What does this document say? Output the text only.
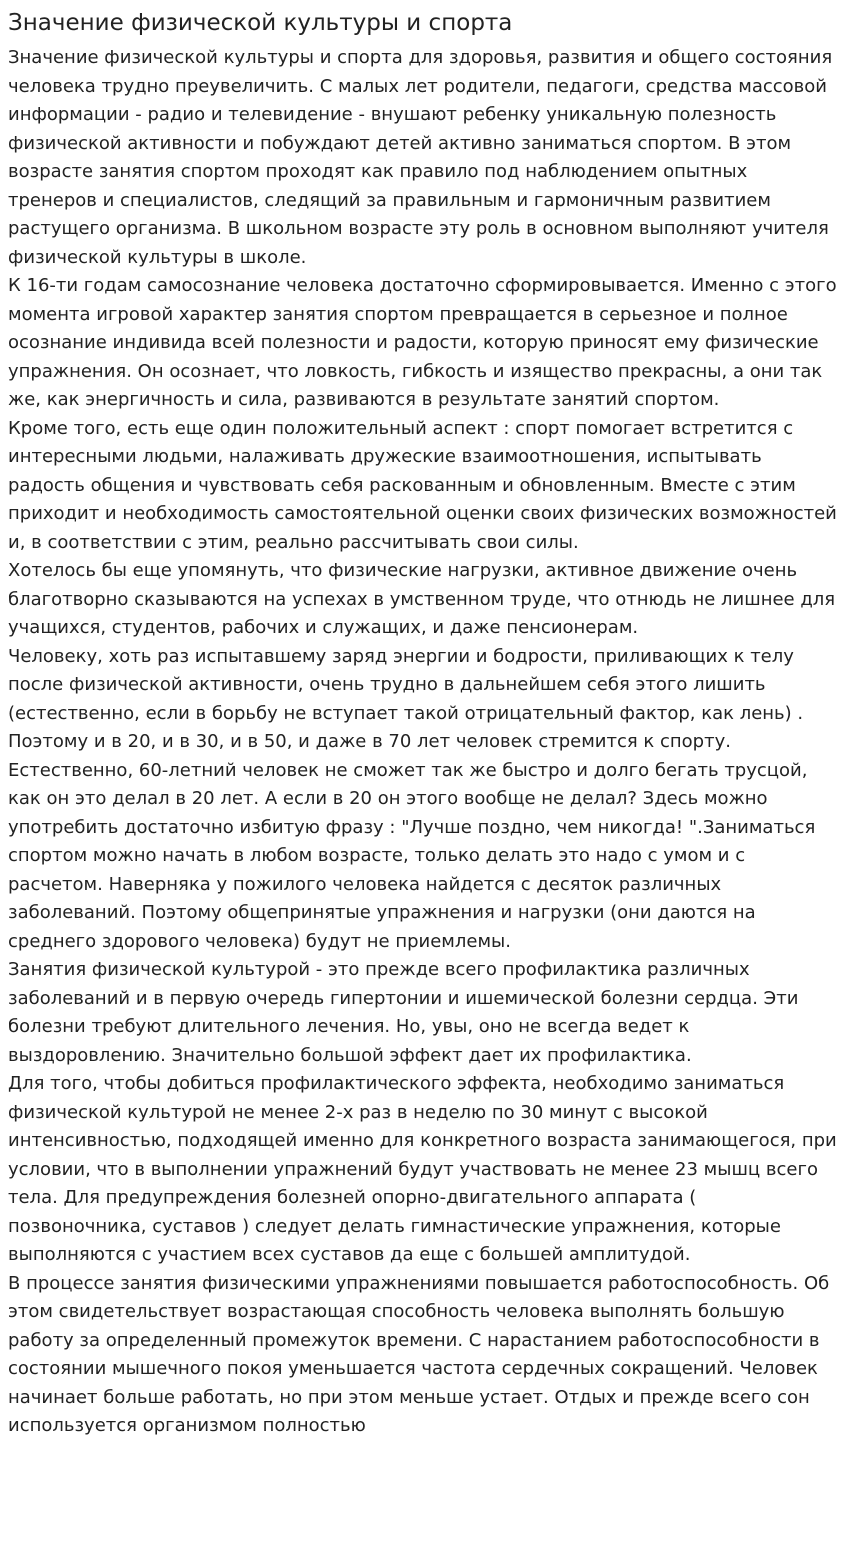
Значение физической культуры и спорта

Значение физической культуры и спорта для здоровья, развития и общего состояния человека трудно преувеличить. С малых лет родители, педагоги, средства массовой информации - радио и телевидение - внушают ребенку уникальную полезность физической активности и побуждают детей активно заниматься спортом. В этом возрасте занятия спортом проходят как правило под наблюдением опытных тренеров и специалистов, следящий за правильным и гармоничным развитием растущего организма. В школьном возрасте эту роль в основном выполняют учителя физической культуры в школе.

К 16-ти годам самосознание человека достаточно сформировывается. Именно с этого момента игровой характер занятия спортом превращается в серьезное и полное осознание индивида всей полезности и радости, которую приносят ему физические упражнения. Он осознает, что ловкость, гибкость и изящество прекрасны, а они так же, как энергичность и сила, развиваются в результате занятий спортом.

Кроме того, есть еще один положительный аспект : спорт помогает встретится с интересными людьми, налаживать дружеские взаимоотношения, испытывать радость общения и чувствовать себя раскованным и обновленным. Вместе с этим приходит и необходимость самостоятельной оценки своих физических возможностей и, в соответствии с этим, реально рассчитывать свои силы.

Хотелось бы еще упомянуть, что физические нагрузки, активное движение очень благотворно сказываются на успехах в умственном труде, что отнюдь не лишнее для учащихся, студентов, рабочих и служащих, и даже пенсионерам.

Человеку, хоть раз испытавшему заряд энергии и бодрости, приливающих к телу после физической активности, очень трудно в дальнейшем себя этого лишить (естественно, если в борьбу не вступает такой отрицательный фактор, как лень) . Поэтому и в 20, и в 30, и в 50, и даже в 70 лет человек стремится к спорту.

Естественно, 60-летний человек не сможет так же быстро и долго бегать трусцой, как он это делал в 20 лет. А если в 20 он этого вообще не делал? Здесь можно употребить достаточно избитую фразу : "Лучше поздно, чем никогда! ".Заниматься спортом можно начать в любом возрасте, только делать это надо с умом и с расчетом. Наверняка у пожилого человека найдется с десяток различных заболеваний. Поэтому общепринятые упражнения и нагрузки (они даются на среднего здорового человека) будут не приемлемы.

Занятия физической культурой - это прежде всего профилактика различных заболеваний и в первую очередь гипертонии и ишемической болезни сердца. Эти болезни требуют длительного лечения. Но, увы, оно не всегда ведет к выздоровлению. Значительно большой эффект дает их профилактика.

Для того, чтобы добиться профилактического эффекта, необходимо заниматься физической культурой не менее 2-х раз в неделю по 30 минут с высокой интенсивностью, подходящей именно для конкретного возраста занимающегося, при условии, что в выполнении упражнений будут участвовать не менее 23 мышц всего тела. Для предупреждения болезней опорно-двигательного аппарата ( позвоночника, суставов ) следует делать гимнастические упражнения, которые выполняются с участием всех суставов да еще с большей амплитудой.

В процессе занятия физическими упражнениями повышается работоспособность. Об этом свидетельствует возрастающая способность человека выполнять большую работу за определенный промежуток времени. С нарастанием работоспособности в состоянии мышечного покоя уменьшается частота сердечных сокращений. Человек начинает больше работать, но при этом меньше устает. Отдых и прежде всего сон используется организмом полностью
